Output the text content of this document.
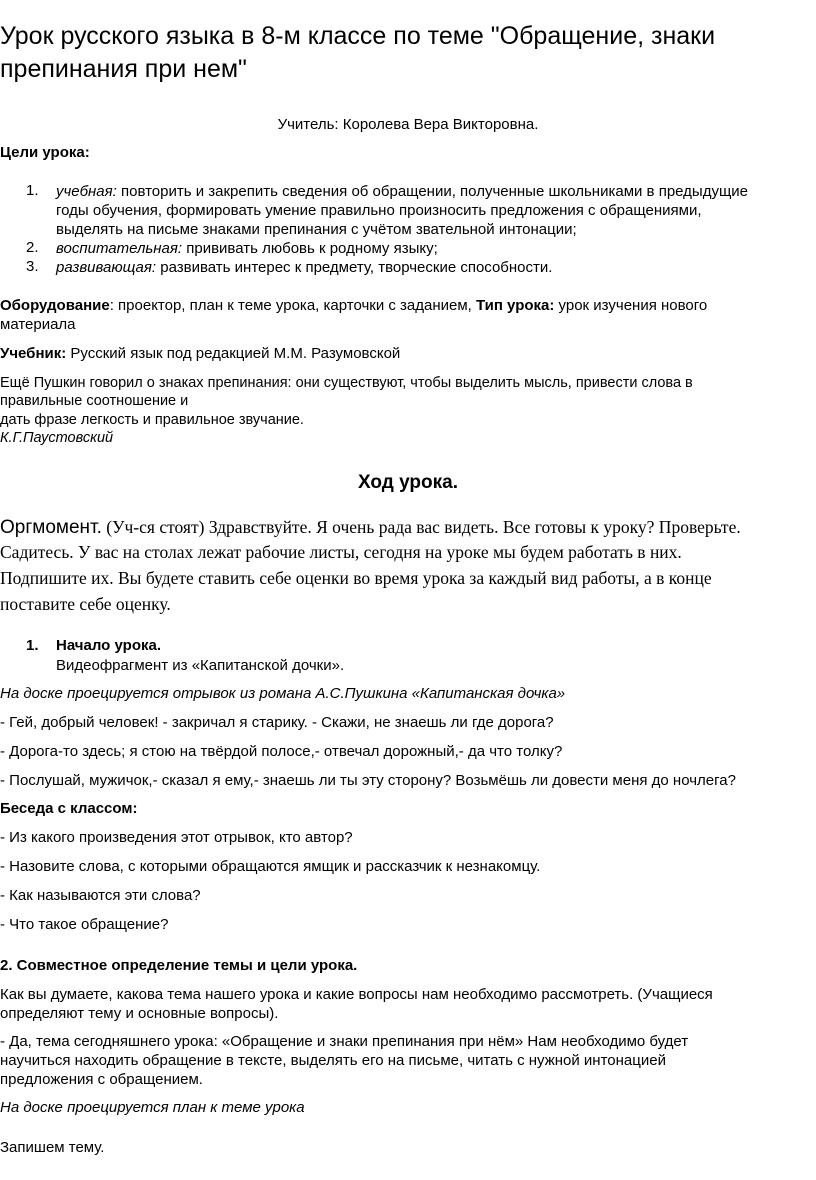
Урок русского языка в 8-м классе по теме "Обращение, знаки
препинания при нем"
Учитель: Королева Вера Викторовна.
Цели урока:
1. учебная: повторить и закрепить сведения об обращении, полученные школьниками в предыдущие
годы обучения, формировать умение правильно произносить предложения с обращениями,
выделять на письме знаками препинания с учётом звательной интонации;
2. воспитательная: прививать любовь к родному языку;
3. развивающая: развивать интерес к предмету, творческие способности.
Оборудование: проектор, план к теме урока, карточки с заданием, Тип урока: урок изучения нового
материала
Учебник: Русский язык под редакцией М.М. Разумовской
Ещё Пушкин говорил о знаках препинания: они существуют, чтобы выделить мысль, привести слова в
правильные соотношение и
дать фразе легкость и правильное звучание.
К.Г.Паустовский
Ход урока.
Оргмомент. (Уч-ся стоят) Здравствуйте. Я очень рада вас видеть. Все готовы к уроку? Проверьте.
Садитесь. У вас на столах лежат рабочие листы, сегодня на уроке мы будем работать в них.
Подпишите их. Вы будете ставить себе оценки во время урока за каждый вид работы, а в конце
поставите себе оценку.
1. Начало урока.
Видеофрагмент из «Капитанской дочки».
На доске проецируется отрывок из романа А.С.Пушкина «Капитанская дочка»
- Гей, добрый человек! - закричал я старику. - Скажи, не знаешь ли где дорога?
- Дорога-то здесь; я стою на твёрдой полосе,- отвечал дорожный,- да что толку?
- Послушай, мужичок,- сказал я ему,- знаешь ли ты эту сторону? Возьмёшь ли довести меня до ночлега?
Беседа с классом:
- Из какого произведения этот отрывок, кто автор?
- Назовите слова, с которыми обращаются ямщик и рассказчик к незнакомцу.
- Как называются эти слова?
- Что такое обращение?
2. Совместное определение темы и цели урока.
Как вы думаете, какова тема нашего урока и какие вопросы нам необходимо рассмотреть. (Учащиеся
определяют тему и основные вопросы).
- Да, тема сегодняшнего урока: «Обращение и знаки препинания при нём» Нам необходимо будет
научиться находить обращение в тексте, выделять его на письме, читать с нужной интонацией
предложения с обращением.
На доске проецируется план к теме урока
Запишем тему.
